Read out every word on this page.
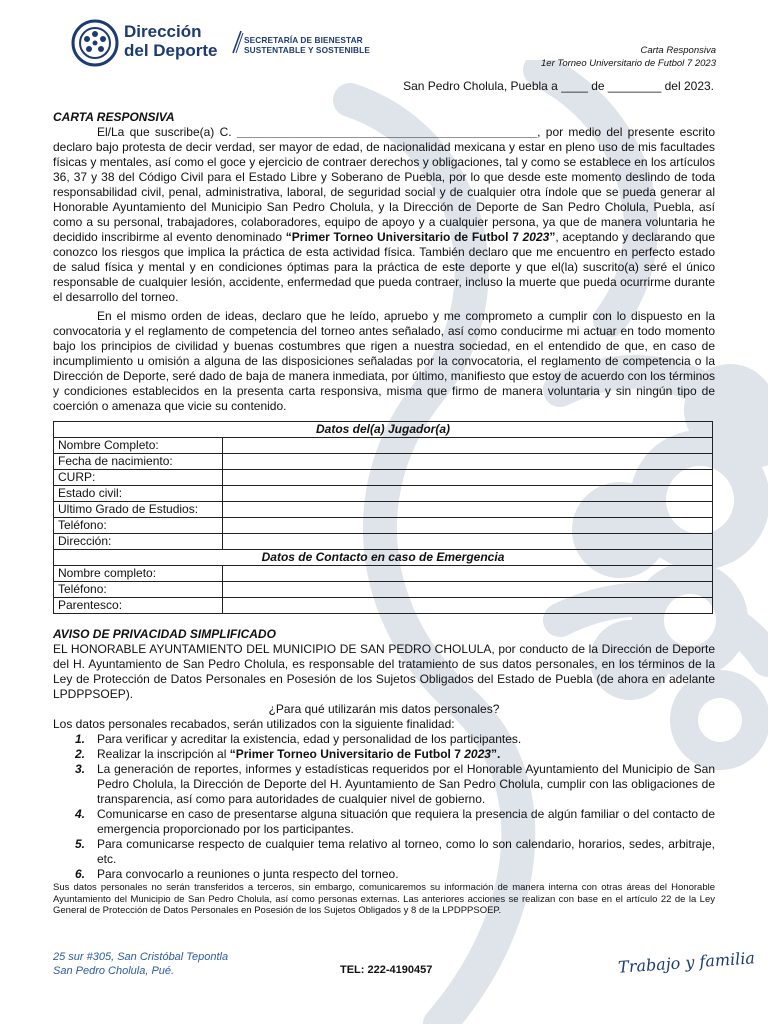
Dirección
del Deporte
SECRETARÍA DE BIENESTAR
SUSTENTABLE Y SOSTENIBLE	Carta Responsiva
1er Torneo Universitario de Futbol 7 2023
San Pedro Cholula, Puebla a ____ de ________ del 2023.

CARTA RESPONSIVA

El/La que suscribe(a) C. _____________________________________________, por medio del presente escrito declaro bajo protesta de decir verdad, ser mayor de edad, de nacionalidad mexicana y estar en pleno uso de mis facultades físicas y mentales, así como el goce y ejercicio de contraer derechos y obligaciones, tal y como se establece en los artículos 36, 37 y 38 del Código Civil para el Estado Libre y Soberano de Puebla, por lo que desde este momento deslindo de toda responsabilidad civil, penal, administrativa, laboral, de seguridad social y de cualquier otra índole que se pueda generar al Honorable Ayuntamiento del Municipio San Pedro Cholula, y la Dirección de Deporte de San Pedro Cholula, Puebla, así como a su personal, trabajadores, colaboradores, equipo de apoyo y a cualquier persona, ya que de manera voluntaria he decidido inscribirme al evento denominado “Primer Torneo Universitario de Futbol 7 2023”, aceptando y declarando que conozco los riesgos que implica la práctica de esta actividad física. También declaro que me encuentro en perfecto estado de salud física y mental y en condiciones óptimas para la práctica de este deporte y que el(la) suscrito(a) seré el único responsable de cualquier lesión, accidente, enfermedad que pueda contraer, incluso la muerte que pueda ocurrirme durante el desarrollo del torneo.

En el mismo orden de ideas, declaro que he leído, apruebo y me comprometo a cumplir con lo dispuesto en la convocatoria y el reglamento de competencia del torneo antes señalado, así como conducirme mi actuar en todo momento bajo los principios de civilidad y buenas costumbres que rigen a nuestra sociedad, en el entendido de que, en caso de incumplimiento u omisión a alguna de las disposiciones señaladas por la convocatoria, el reglamento de competencia o la Dirección de Deporte, seré dado de baja de manera inmediata, por último, manifiesto que estoy de acuerdo con los términos y condiciones establecidos en la presenta carta responsiva, misma que firmo de manera voluntaria y sin ningún tipo de coerción o amenaza que vicie su contenido.

Datos del(a) Jugador(a)	
Nombre Completo:	
Fecha de nacimiento:	
CURP:	
Estado civil:	
Ultimo Grado de Estudios:	
Teléfono:	
Dirección:	
Datos de Contacto en caso de Emergencia	
Nombre completo:	
Teléfono:	
Parentesco:	

AVISO DE PRIVACIDAD SIMPLIFICADO

EL HONORABLE AYUNTAMIENTO DEL MUNICIPIO DE SAN PEDRO CHOLULA, por conducto de la Dirección de Deporte del H. Ayuntamiento de San Pedro Cholula, es responsable del tratamiento de sus datos personales, en los términos de la Ley de Protección de Datos Personales en Posesión de los Sujetos Obligados del Estado de Puebla (de ahora en adelante LPDPPSOEP).

¿Para qué utilizarán mis datos personales?

Los datos personales recabados, serán utilizados con la siguiente finalidad:

1. Para verificar y acreditar la existencia, edad y personalidad de los participantes.
2. Realizar la inscripción al “Primer Torneo Universitario de Futbol 7 2023”.
3. La generación de reportes, informes y estadísticas requeridos por el Honorable Ayuntamiento del Municipio de San Pedro Cholula, la Dirección de Deporte del H. Ayuntamiento de San Pedro Cholula, cumplir con las obligaciones de transparencia, así como para autoridades de cualquier nivel de gobierno.
4. Comunicarse en caso de presentarse alguna situación que requiera la presencia de algún familiar o del contacto de emergencia proporcionado por los participantes.
5. Para comunicarse respecto de cualquier tema relativo al torneo, como lo son calendario, horarios, sedes, arbitraje, etc.
6. Para convocarlo a reuniones o junta respecto del torneo.

Sus datos personales no serán transferidos a terceros, sin embargo, comunicaremos su información de manera interna con otras áreas del Honorable Ayuntamiento del Municipio de San Pedro Cholula, así como personas externas. Las anteriores acciones se realizan con base en el artículo 22 de la Ley General de Protección de Datos Personales en Posesión de los Sujetos Obligados y 8 de la LPDPPSOEP.

25 sur #305, San Cristóbal Tepontla
San Pedro Cholula, Pué.	TEL: 222-4190457	Trabajo y familia
